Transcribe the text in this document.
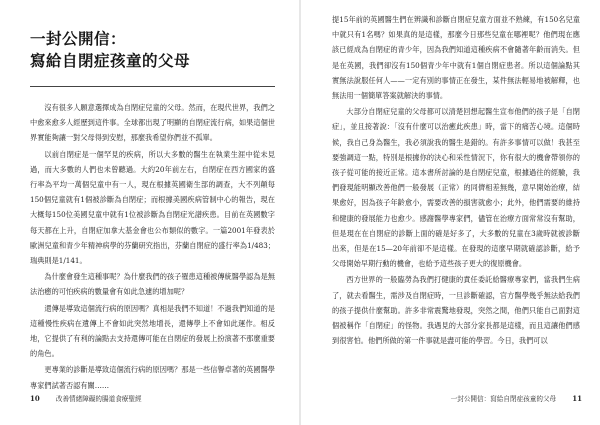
一封公開信：
寫給自閉症孩童的父母

沒有很多人願意選擇成為自閉症兒童的父母。然而，在現代世界，我們之中愈來愈多人經歷到這件事。全球都出現了明顯的自閉症流行病，如果這個世界實能夠讓一對父母得到安慰，那麼我希望你們並不孤單。

以前自閉症是一個罕見的疾病，所以大多數的醫生在執業生涯中從未見過，而大多數的人們也未曾聽過。大約20年前左右，自閉症在西方國家的盛行率為平均一萬個兒童中有一人，現在根據英國衛生部的調查，大不列顛每150個兒童就有1個被診斷為自閉症；而根據美國疾病管制中心的報告，現在大概每150位美國兒童中就有1位被診斷為自閉症光譜疾患。目前在英國數字每天都在上升，自閉症加拿大基金會也公布類似的數字。一篇2001年發表於歐洲兒童和青少年精神病學的芬蘭研究指出，芬蘭自閉症的盛行率為1/483；瑞典則是1/141。

為什麼會發生這種事呢？為什麼我們的孩子罹患這種被傳統醫學認為是無法治癒的可怕疾病的數量會有如此急遽的增加呢？

還傳是導致這個流行病的原因嗎？真相是我們不知道！不過我們知道的是這種慢性疾病在遺傳上不會如此突然地增長，還傳學上不會如此運作。相反地，它提供了有利的論點去支持還傳可能在自閉症的發展上扮演著不那麼重要的角色。

更專業的診斷是導致這個流行病的原因嗎？那是一些信譽卓著的英國醫學專家們試著否認有關……

10 改善情緒障礙的腸道食療聖經

提15年前的英國醫生們在辨識和診斷自閉症兒童方面並不熟練，有150名兒童中就只有1名嗎？如果真的是這樣，那麼今日那些兒童在哪裡呢？他們現在應該已經成為自閉症的青少年，因為我們知道這種疾病不會隨著年齡而消失。但是在英國，我們卻沒有150個青少年中就有1個自閉症患者。所以這個論點其實無法說服任何人——一定有別的事情正在發生，某件無法輕易地被解釋，也無法用一個簡單答案就解決的事情。

大部分自閉症兒童的父母都可以清楚回想起醫生宣布他們的孩子是「自閉症」，並且接著說：「沒有什麼可以治癒此疾患」時，當下的痛苦心境。這個時候，我自己身為醫生，我必須說我的醫生是錯的。有許多事情可以做！我甚至要強調這一點，特別是根據你的決心和采性情況下，你有很大的機會帶領你的孩子從可能的接近正常。這本書所討論的是自閉症兒童，根據過往的經驗，我們發現能明顯改善他們一般發展（正常）的同儕相差無幾，意早開始治療，結果愈好，因為孩子年齡愈小，需要改善的損害就愈小；此外，他們需要的維持和健康的發展能力也愈少。感謝醫學專家們，儘管在治療方面常常沒有幫助，但是現在在自閉症的診斷上面的確是好多了，大多數的兒童在3歲時就被診斷出來，但是在15—20年前卻不是這樣。在發現的這麼早期就確認診斷，給予父母開始早期行動的機會，也給予這些孩子更大的復原機會。

西方世界的一般臨勞為我們打健康的責任委託給醫療專家們，當我們生病了，就去看醫生，需涉及自閉症時，一旦診斷確認，官方醫學幾乎無法給我們的孩子提供什麼幫助。許多非常震驚地發現，突然之間，他們只能自己面對這個被稱作「自閉症」的怪物。我遇見的大部分家長都是這樣，而且這讓他們感到很害怕。他們所做的第一件事就是盡可能的學習。今日，我們可以

一封公開信：寫給自閉症孩童的父母 11
